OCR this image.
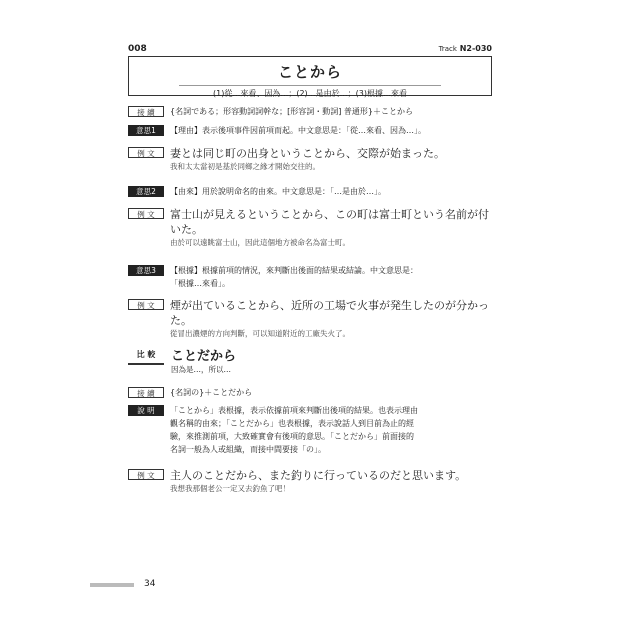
008	Track N2-030
ことから
(1)從…來看、因為…；(2)…是由於…；(3)根據…來看
接 續	{名詞である；形容動詞詞幹な；[形容詞・動詞] 普通形}＋ことから
意思1	【理由】表示後項事件因前項而起。中文意思是：「從…來看、因為…」。
例 文	妻とは同じ町の出身ということから、交際が始まった。
我和太太當初是基於同鄉之緣才開始交往的。
意思2	【由來】用於說明命名的由來。中文意思是：「…是由於…」。
例 文	富士山が見えるということから、この町は富士町という名前が付
いた。
由於可以遠眺富士山，因此這個地方被命名為富士町。
意思3	【根據】根據前項的情況，來判斷出後面的結果或結論。中文意思是：
「根據…來看」。
例 文	煙が出ていることから、近所の工場で火事が発生したのが分かった。
從冒出濃煙的方向判斷，可以知道附近的工廠失火了。
比 較	ことだから
因為是…，所以…
接 續	{名詞の}＋ことだから
說 明	「ことから」表根據，表示依據前項來判斷出後項的結果。也表示理由
觀名稱的由來；「ことだから」也表根據，表示說話人到目前為止的經
驗，來推測前項，大致確實會有後項的意思。「ことだから」前面接的
名詞一般為人或組織，而接中間要接「の」。
例 文	主人のことだから、また釣りに行っているのだと思います。
我想我那個老公一定又去釣魚了吧！
34
